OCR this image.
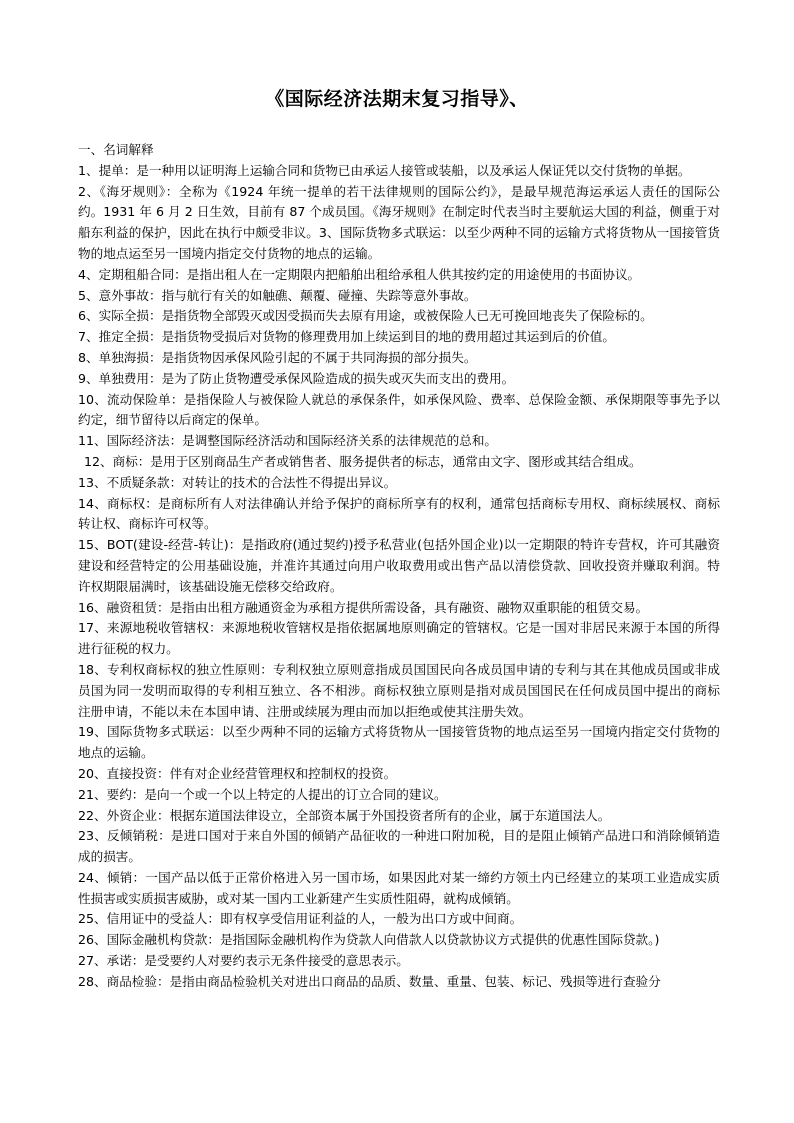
《国际经济法期末复习指导》、

一、名词解释

1、提单：是一种用以证明海上运输合同和货物已由承运人接管或装船，以及承运人保证凭以交付货物的单据。

2、《海牙规则》：全称为《1924 年统一提单的若干法律规则的国际公约》，是最早规范海运承运人责任的国际公约。1931 年 6 月 2 日生效，目前有 87 个成员国。《海牙规则》在制定时代表当时主要航运大国的利益，侧重于对船东利益的保护，因此在执行中颇受非议。3、国际货物多式联运：以至少两种不同的运输方式将货物从一国接管货物的地点运至另一国境内指定交付货物的地点的运输。

4、定期租船合同：是指出租人在一定期限内把船舶出租给承租人供其按约定的用途使用的书面协议。

5、意外事故：指与航行有关的如触礁、颠覆、碰撞、失踪等意外事故。

6、实际全损：是指货物全部毁灭或因受损而失去原有用途，或被保险人已无可挽回地丧失了保险标的。

7、推定全损：是指货物受损后对货物的修理费用加上续运到目的地的费用超过其运到后的价值。

8、单独海损：是指货物因承保风险引起的不属于共同海损的部分损失。

9、单独费用：是为了防止货物遭受承保风险造成的损失或灭失而支出的费用。

10、流动保险单：是指保险人与被保险人就总的承保条件，如承保风险、费率、总保险金额、承保期限等事先予以约定，细节留待以后商定的保单。

11、国际经济法：是调整国际经济活动和国际经济关系的法律规范的总和。

12、商标：是用于区别商品生产者或销售者、服务提供者的标志，通常由文字、图形或其结合组成。

13、不质疑条款：对转让的技术的合法性不得提出异议。

14、商标权：是商标所有人对法律确认并给予保护的商标所享有的权利，通常包括商标专用权、商标续展权、商标转让权、商标许可权等。

15、BOT(建设-经营-转让)：是指政府(通过契约)授予私营业(包括外国企业)以一定期限的特许专营权，许可其融资建设和经营特定的公用基础设施，并准许其通过向用户收取费用或出售产品以清偿贷款、回收投资并赚取利润。特许权期限届满时，该基础设施无偿移交给政府。

16、融资租赁：是指由出租方融通资金为承租方提供所需设备，具有融资、融物双重职能的租赁交易。

17、来源地税收管辖权：来源地税收管辖权是指依据属地原则确定的管辖权。它是一国对非居民来源于本国的所得进行征税的权力。

18、专利权商标权的独立性原则：专利权独立原则意指成员国国民向各成员国申请的专利与其在其他成员国或非成员国为同一发明而取得的专利相互独立、各不相涉。商标权独立原则是指对成员国国民在任何成员国中提出的商标注册申请，不能以未在本国申请、注册或续展为理由而加以拒绝或使其注册失效。

19、国际货物多式联运：以至少两种不同的运输方式将货物从一国接管货物的地点运至另一国境内指定交付货物的地点的运输。

20、直接投资：伴有对企业经营管理权和控制权的投资。

21、要约：是向一个或一个以上特定的人提出的订立合同的建议。

22、外资企业：根据东道国法律设立，全部资本属于外国投资者所有的企业，属于东道国法人。

23、反倾销税：是进口国对于来自外国的倾销产品征收的一种进口附加税，目的是阻止倾销产品进口和消除倾销造成的损害。

24、倾销：一国产品以低于正常价格进入另一国市场，如果因此对某一缔约方领土内已经建立的某项工业造成实质性损害或实质损害威胁，或对某一国内工业新建产生实质性阻碍，就构成倾销。

25、信用证中的受益人：即有权享受信用证利益的人，一般为出口方或中间商。

26、国际金融机构贷款：是指国际金融机构作为贷款人向借款人以贷款协议方式提供的优惠性国际贷款。)

27、承诺：是受要约人对要约表示无条件接受的意思表示。

28、商品检验：是指由商品检验机关对进出口商品的品质、数量、重量、包装、标记、残损等进行查验分
